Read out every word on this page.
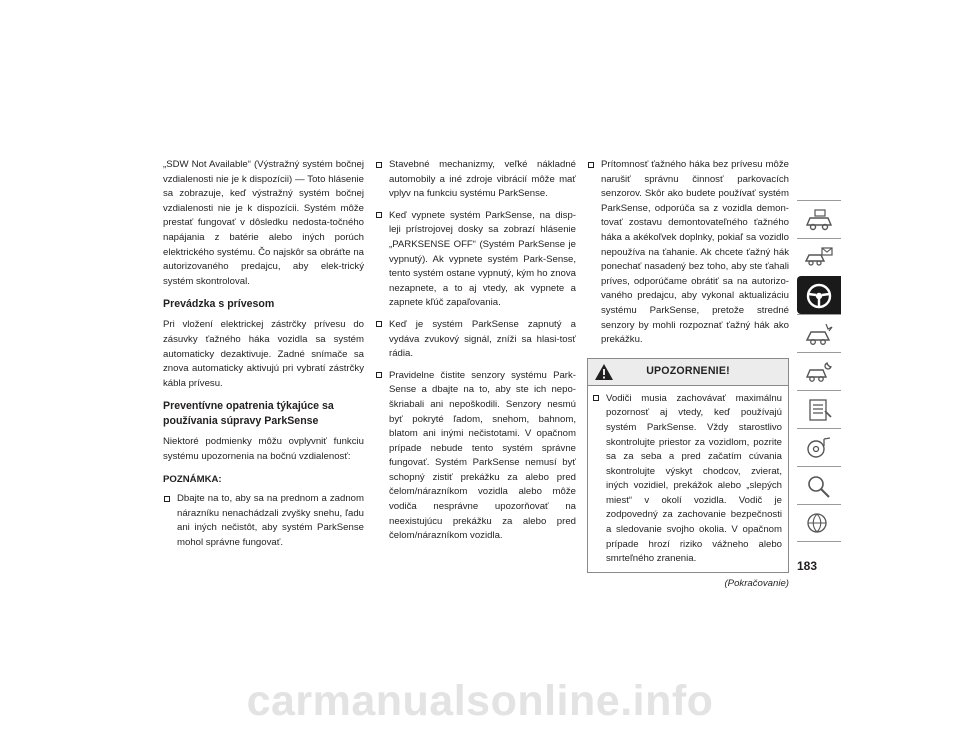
„SDW Not Available“ (Výstražný systém bočnej vzdialenosti nie je k dispozícii) — Toto hlásenie sa zobrazuje, keď výstražný systém bočnej vzdialenosti nie je k dispozícii. Systém môže prestať fungovať v dôsledku nedosta-točného napájania z batérie alebo iných porúch elektrického systému. Čo najskôr sa obráťte na autorizovaného predajcu, aby elek-trický systém skontroloval.

Prevádzka s prívesom

Pri vložení elektrickej zástrčky prívesu do zásuvky ťažného háka vozidla sa systém automaticky dezaktivuje. Zadné snímače sa znova automaticky aktivujú pri vybratí zástrčky kábla prívesu.

Preventívne opatrenia týkajúce sa používania súpravy ParkSense

Niektoré podmienky môžu ovplyvniť funkciu systému upozornenia na bočnú vzdialenosť:

POZNÁMKA:
Dbajte na to, aby sa na prednom a zadnom nárazníku nenachádzali zvyšky snehu, ľadu ani iných nečistôt, aby systém ParkSense mohol správne fungovať.
Stavebné mechanizmy, veľké nákladné automobily a iné zdroje vibrácií môže mať vplyv na funkciu systému ParkSense.
Keď vypnete systém ParkSense, na disp-leji prístrojovej dosky sa zobrazí hlásenie „PARKSENSE OFF“ (Systém ParkSense je vypnutý). Ak vypnete systém Park-Sense, tento systém ostane vypnutý, kým ho znova nezapnete, a to aj vtedy, ak vypnete a zapnete kľúč zapaľovania.
Keď je systém ParkSense zapnutý a vydáva zvukový signál, zníži sa hlasi-tosť rádia.
Pravidelne čistite senzory systému Park-Sense a dbajte na to, aby ste ich nepo-škriabali ani nepoškodili. Senzory nesmú byť pokryté ľadom, snehom, bahnom, blatom ani inými nečistotami. V opačnom prípade nebude tento systém správne fungovať. Systém ParkSense nemusí byť schopný zistiť prekážku za alebo pred čelom/nárazníkom vozidla alebo môže vodiča nesprávne upozorňovať na neexistujúcu prekážku za alebo pred čelom/nárazníkom vozidla.
Prítomnosť ťažného háka bez prívesu môže narušiť správnu činnosť parkovacích senzorov. Skôr ako budete používať systém ParkSense, odporúča sa z vozidla demon-tovať zostavu demontovateľného ťažného háka a akékoľvek doplnky, pokiaľ sa vozidlo nepoužíva na ťahanie. Ak chcete ťažný hák ponechať nasadený bez toho, aby ste ťahali príves, odporúčame obrátiť sa na autorizo-vaného predajcu, aby vykonal aktualizáciu systému ParkSense, pretože stredné senzory by mohli rozpoznať ťažný hák ako prekážku.
UPOZORNENIE!
Vodiči musia zachovávať maximálnu pozornosť aj vtedy, keď používajú systém ParkSense. Vždy starostlivo skontrolujte priestor za vozidlom, pozrite sa za seba a pred začatím cúvania skontrolujte výskyt chodcov, zvierat, iných vozidiel, prekážok alebo „slepých miest“ v okolí vozidla. Vodič je zodpovedný za zachovanie bezpečnosti a sledovanie svojho okolia. V opačnom prípade hrozí riziko vážneho alebo smrteľného zranenia.
(Pokračovanie)
183
carmanualsonline.info
